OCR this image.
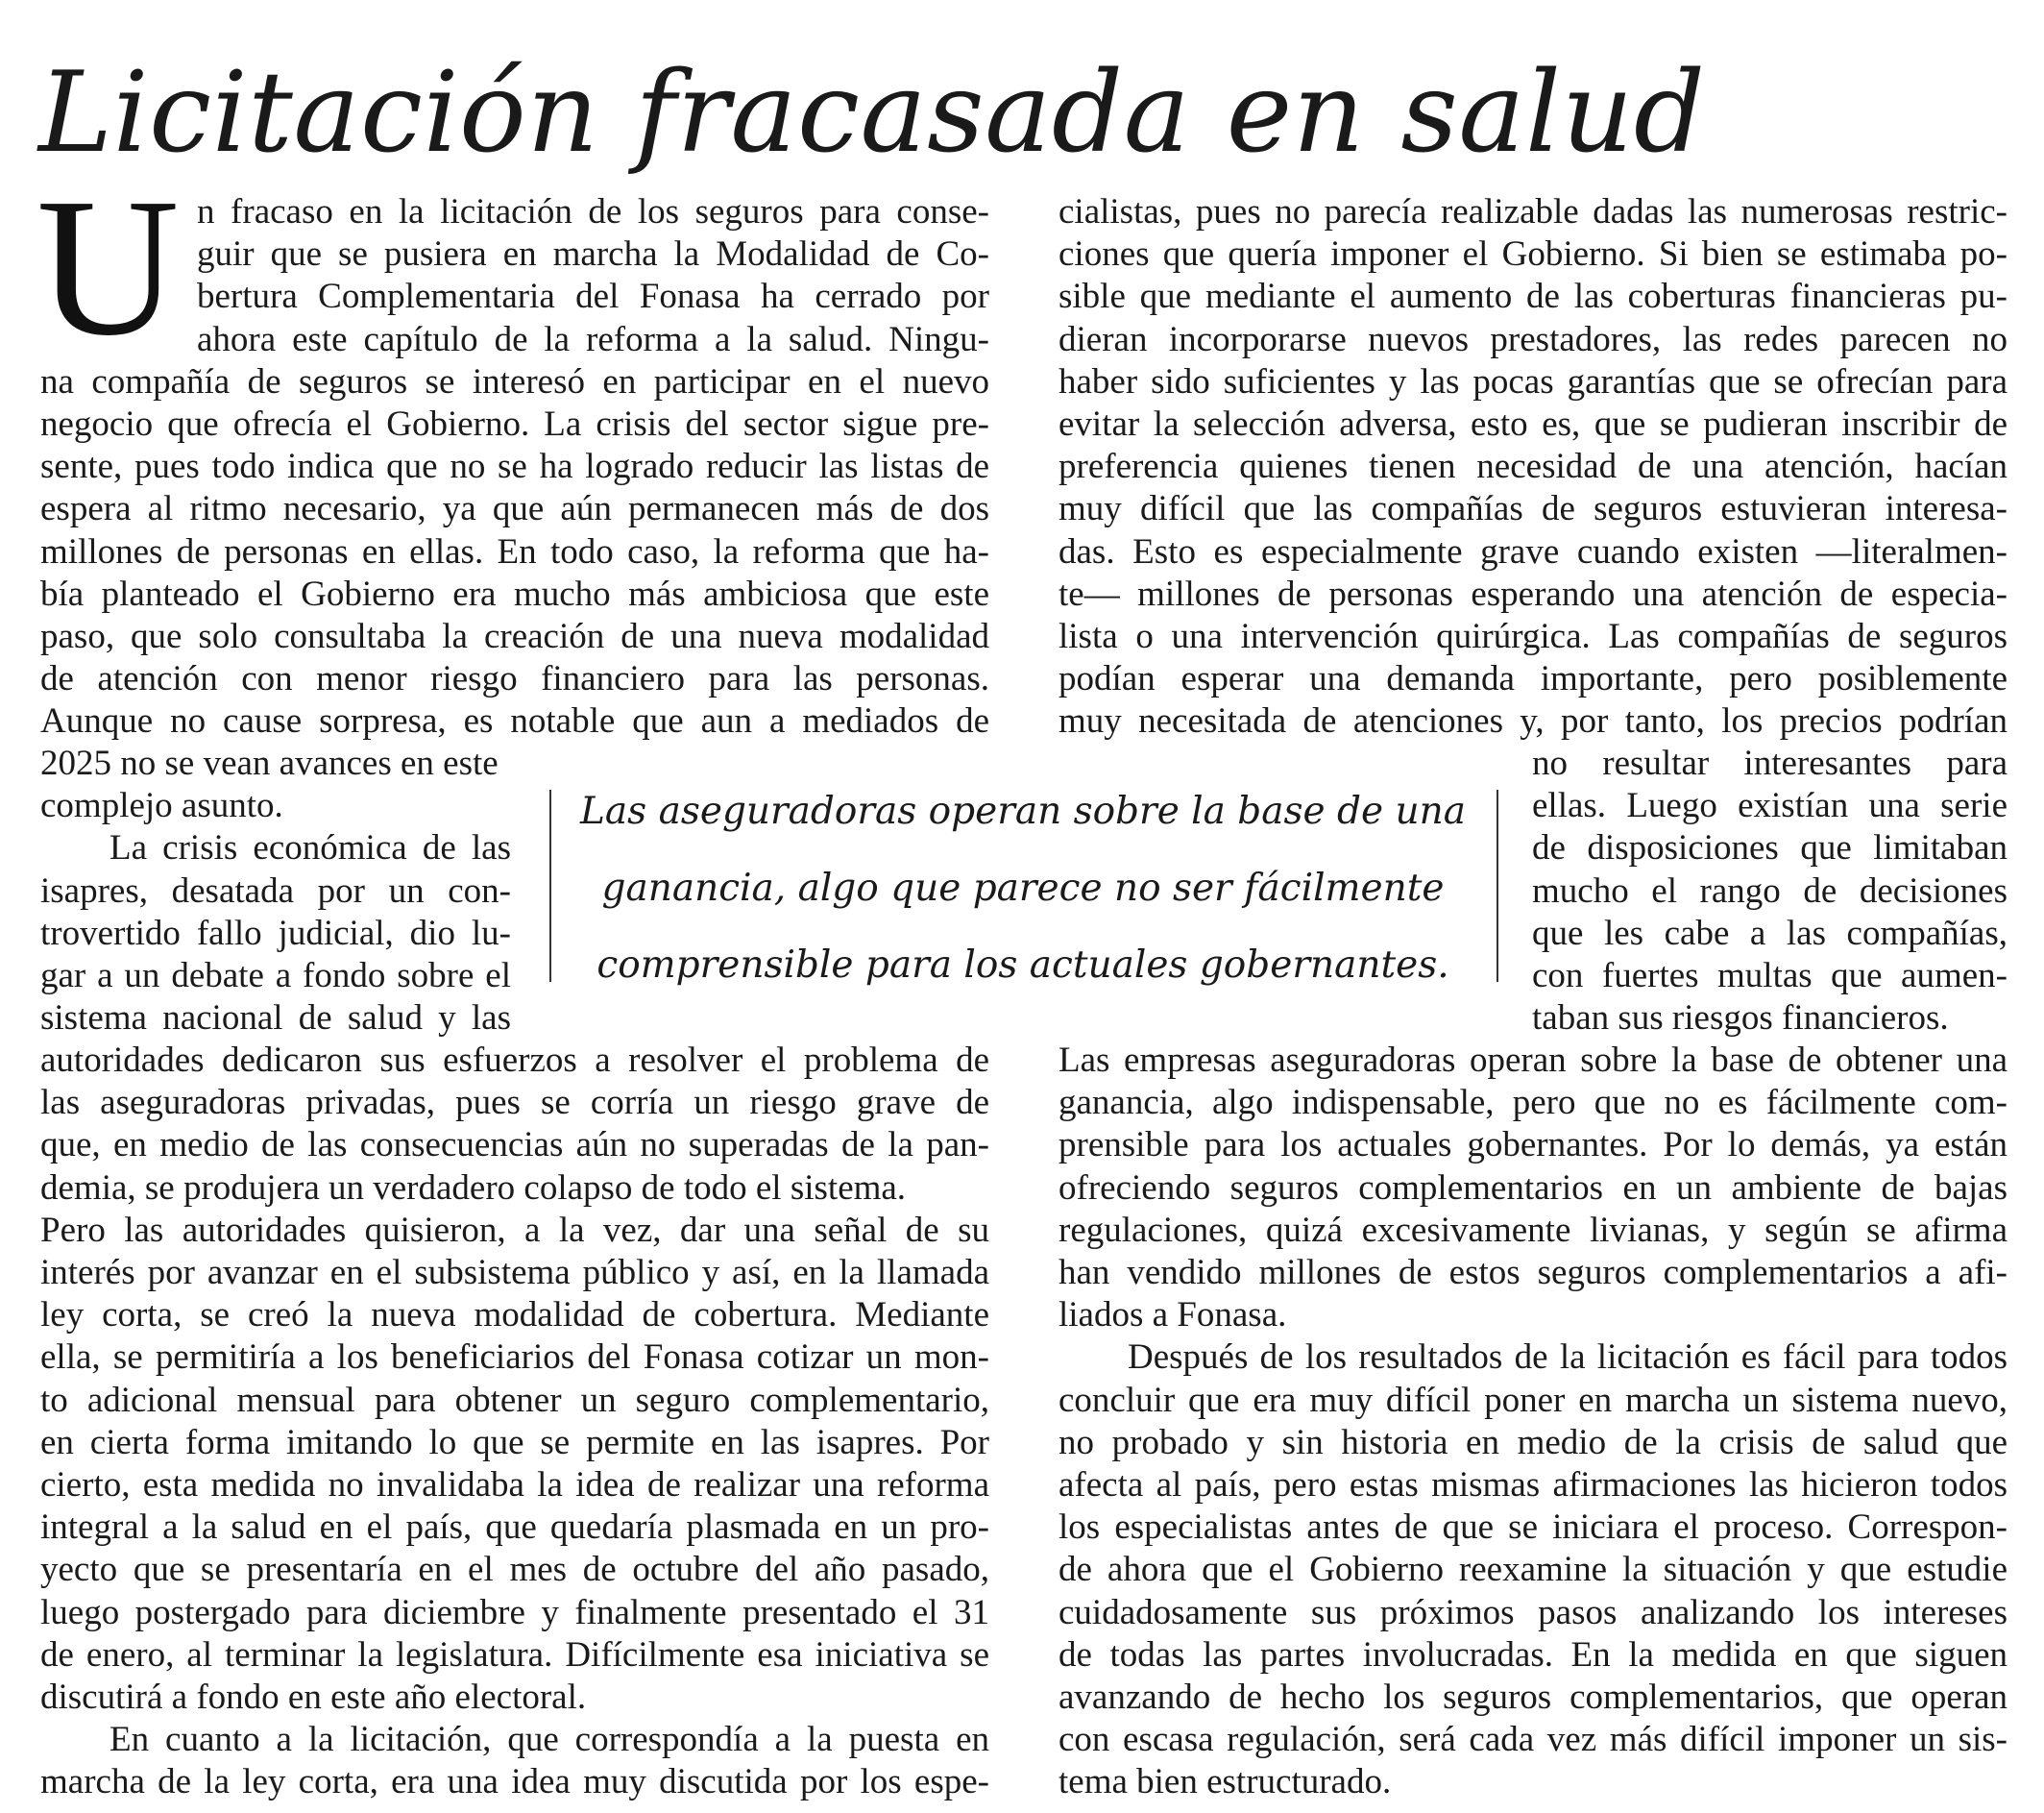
Licitación fracasada en salud
U n fracaso en la licitación de los seguros para conse-
guir que se pusiera en marcha la Modalidad de Co-
bertura Complementaria del Fonasa ha cerrado por
ahora este capítulo de la reforma a la salud. Ningu-
na compañía de seguros se interesó en participar en el nuevo
negocio que ofrecía el Gobierno. La crisis del sector sigue pre-
sente, pues todo indica que no se ha logrado reducir las listas de
espera al ritmo necesario, ya que aún permanecen más de dos
millones de personas en ellas. En todo caso, la reforma que ha-
bía planteado el Gobierno era mucho más ambiciosa que este
paso, que solo consultaba la creación de una nueva modalidad
de atención con menor riesgo financiero para las personas.
Aunque no cause sorpresa, es notable que aun a mediados de
2025 no se vean avances en este
complejo asunto.
La crisis económica de las
isapres, desatada por un con-
trovertido fallo judicial, dio lu-
gar a un debate a fondo sobre el
sistema nacional de salud y las
autoridades dedicaron sus esfuerzos a resolver el problema de
las aseguradoras privadas, pues se corría un riesgo grave de
que, en medio de las consecuencias aún no superadas de la pan-
demia, se produjera un verdadero colapso de todo el sistema.
Pero las autoridades quisieron, a la vez, dar una señal de su
interés por avanzar en el subsistema público y así, en la llamada
ley corta, se creó la nueva modalidad de cobertura. Mediante
ella, se permitiría a los beneficiarios del Fonasa cotizar un mon-
to adicional mensual para obtener un seguro complementario,
en cierta forma imitando lo que se permite en las isapres. Por
cierto, esta medida no invalidaba la idea de realizar una reforma
integral a la salud en el país, que quedaría plasmada en un pro-
yecto que se presentaría en el mes de octubre del año pasado,
luego postergado para diciembre y finalmente presentado el 31
de enero, al terminar la legislatura. Difícilmente esa iniciativa se
discutirá a fondo en este año electoral.
En cuanto a la licitación, que correspondía a la puesta en
marcha de la ley corta, era una idea muy discutida por los espe-
cialistas, pues no parecía realizable dadas las numerosas restric-
ciones que quería imponer el Gobierno. Si bien se estimaba po-
sible que mediante el aumento de las coberturas financieras pu-
dieran incorporarse nuevos prestadores, las redes parecen no
haber sido suficientes y las pocas garantías que se ofrecían para
evitar la selección adversa, esto es, que se pudieran inscribir de
preferencia quienes tienen necesidad de una atención, hacían
muy difícil que las compañías de seguros estuvieran interesa-
das. Esto es especialmente grave cuando existen —literalmen-
te— millones de personas esperando una atención de especia-
lista o una intervención quirúrgica. Las compañías de seguros
podían esperar una demanda importante, pero posiblemente
muy necesitada de atenciones y, por tanto, los precios podrían
no resultar interesantes para
ellas. Luego existían una serie
de disposiciones que limitaban
mucho el rango de decisiones
que les cabe a las compañías,
con fuertes multas que aumen-
taban sus riesgos financieros.
Las empresas aseguradoras operan sobre la base de obtener una
ganancia, algo indispensable, pero que no es fácilmente com-
prensible para los actuales gobernantes. Por lo demás, ya están
ofreciendo seguros complementarios en un ambiente de bajas
regulaciones, quizá excesivamente livianas, y según se afirma
han vendido millones de estos seguros complementarios a afi-
liados a Fonasa.
Después de los resultados de la licitación es fácil para todos
concluir que era muy difícil poner en marcha un sistema nuevo,
no probado y sin historia en medio de la crisis de salud que
afecta al país, pero estas mismas afirmaciones las hicieron todos
los especialistas antes de que se iniciara el proceso. Correspon-
de ahora que el Gobierno reexamine la situación y que estudie
cuidadosamente sus próximos pasos analizando los intereses
de todas las partes involucradas. En la medida en que siguen
avanzando de hecho los seguros complementarios, que operan
con escasa regulación, será cada vez más difícil imponer un sis-
tema bien estructurado.
Las aseguradoras operan sobre la base de una
ganancia, algo que parece no ser fácilmente
comprensible para los actuales gobernantes.
